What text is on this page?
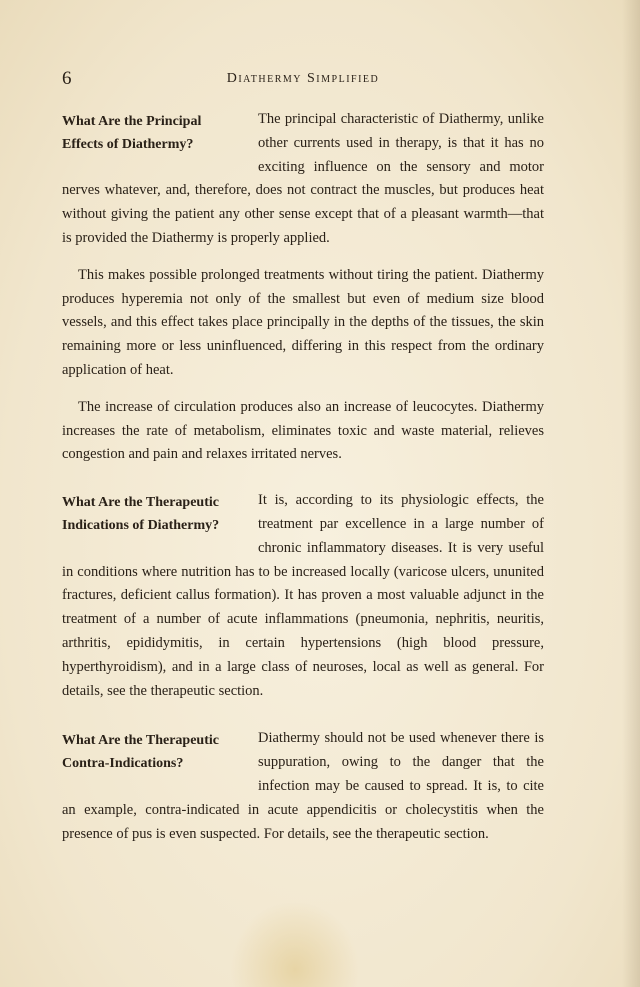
6	Diathermy Simplified
What Are the Principal Effects of Diathermy?

The principal characteristic of Diathermy, unlike other currents used in therapy, is that it has no exciting influence on the sensory and motor nerves whatever, and, therefore, does not contract the muscles, but produces heat without giving the patient any other sense except that of a pleasant warmth—that is provided the Diathermy is properly applied.

This makes possible prolonged treatments without tiring the patient. Diathermy produces hyperemia not only of the smallest but even of medium size blood vessels, and this effect takes place principally in the depths of the tissues, the skin remaining more or less uninfluenced, differing in this respect from the ordinary application of heat.

The increase of circulation produces also an increase of leucocytes. Diathermy increases the rate of metabolism, eliminates toxic and waste material, relieves congestion and pain and relaxes irritated nerves.

What Are the Therapeutic Indications of Diathermy?

It is, according to its physiologic effects, the treatment par excellence in a large number of chronic inflammatory diseases. It is very useful in conditions where nutrition has to be increased locally (varicose ulcers, ununited fractures, deficient callus formation). It has proven a most valuable adjunct in the treatment of a number of acute inflammations (pneumonia, nephritis, neuritis, arthritis, epididymitis, in certain hypertensions (high blood pressure, hyperthyroidism), and in a large class of neuroses, local as well as general. For details, see the therapeutic section.

What Are the Therapeutic Contra-Indications?

Diathermy should not be used whenever there is suppuration, owing to the danger that the infection may be caused to spread. It is, to cite an example, contra-indicated in acute appendicitis or cholecystitis when the presence of pus is even suspected. For details, see the therapeutic section.
